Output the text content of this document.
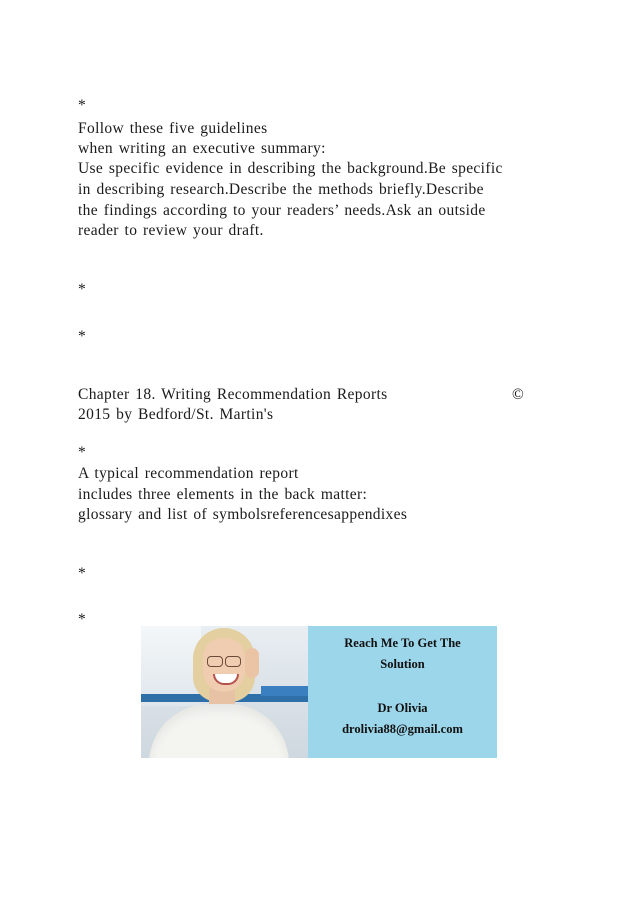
*
Follow these five guidelines
when writing an executive summary:
Use specific evidence in describing the background.Be specific
in describing research.Describe the methods briefly.Describe
the findings according to your readers’ needs.Ask an outside
reader to review your draft.
*
*
Chapter 18. Writing Recommendation Reports	©
2015 by Bedford/St. Martin's
*
A typical recommendation report
includes three elements in the back matter:
glossary and list of symbolsreferencesappendixes
*
*
Reach Me To Get The
Solution
Dr Olivia
drolivia88@gmail.com
